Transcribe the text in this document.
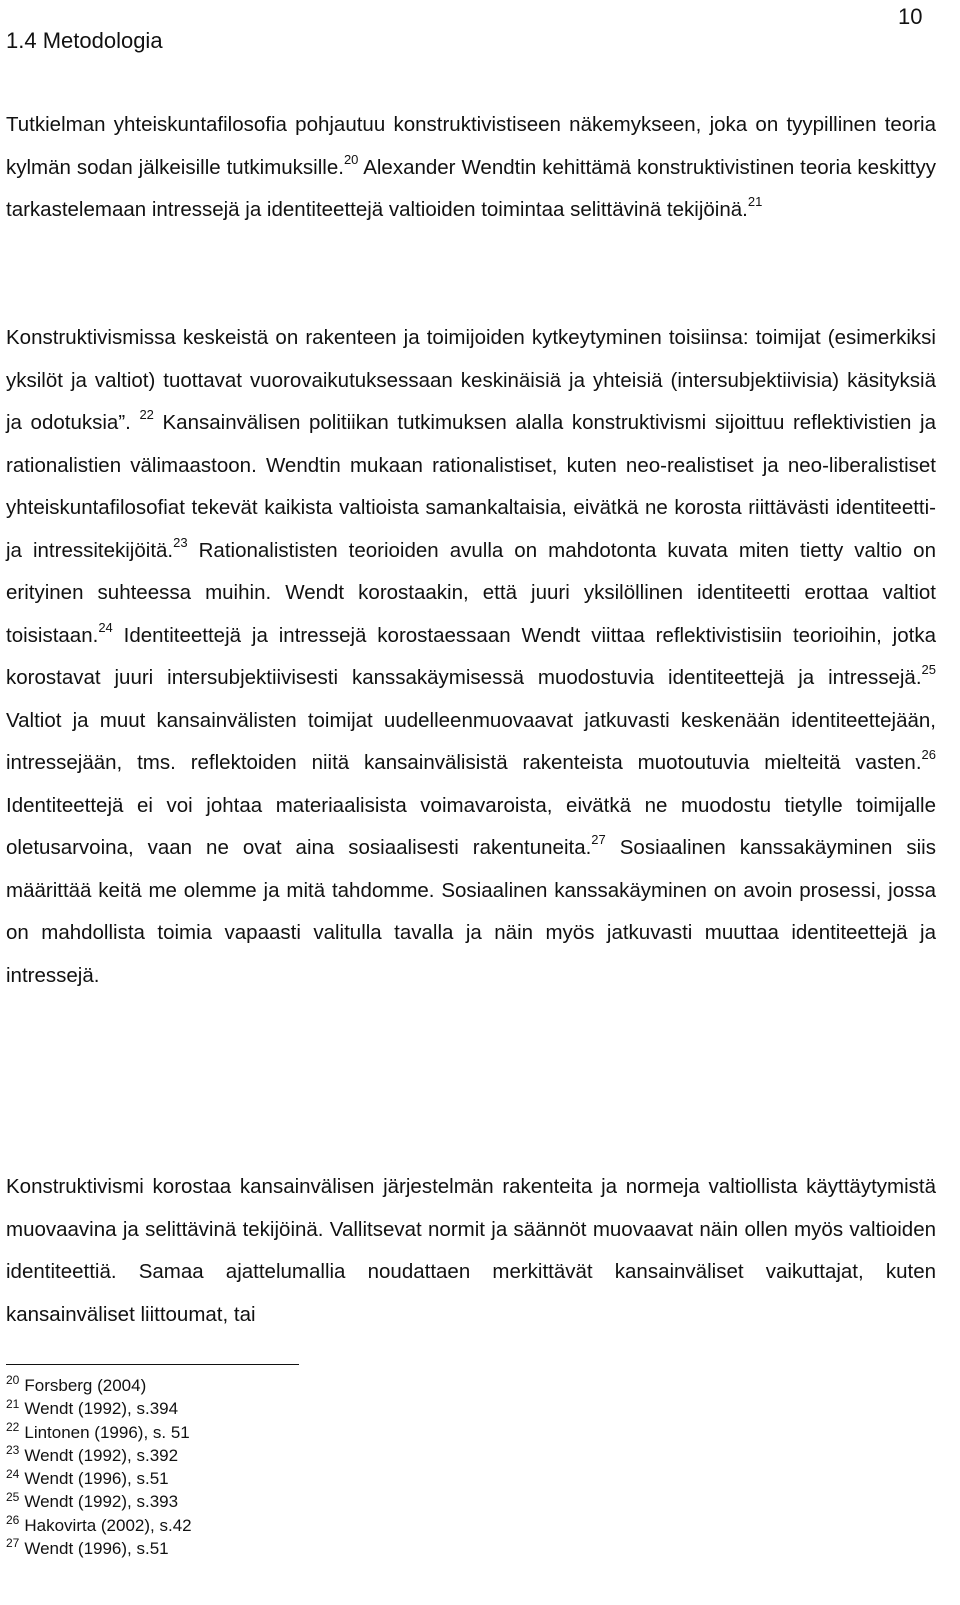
10
1.4 Metodologia

Tutkielman yhteiskuntafilosofia pohjautuu konstruktivistiseen näkemykseen, joka on tyypillinen teoria kylmän sodan jälkeisille tutkimuksille.$^{20}$ Alexander Wendtin kehittämä konstruktivistinen teoria keskittyy tarkastelemaan intressejä ja identiteettejä valtioiden toimintaa selittävinä tekijöinä.$^{21}$

Konstruktivismissa keskeistä on rakenteen ja toimijoiden kytkeytyminen toisiinsa: toimijat (esimerkiksi yksilöt ja valtiot) tuottavat vuorovaikutuksessaan keskinäisiä ja yhteisiä (intersubjektiivisia) käsityksiä ja odotuksia”. $^{22}$ Kansainvälisen politiikan tutkimuksen alalla konstruktivismi sijoittuu reflektivistien ja rationalistien välimaastoon. Wendtin mukaan rationalistiset, kuten neo-realistiset ja neo-liberalistiset yhteiskuntafilosofiat tekevät kaikista valtioista samankaltaisia, eivätkä ne korosta riittävästi identiteetti- ja intressitekijöitä.$^{23}$ Rationalististen teorioiden avulla on mahdotonta kuvata miten tietty valtio on erityinen suhteessa muihin. Wendt korostaakin, että juuri yksilöllinen identiteetti erottaa valtiot toisistaan.$^{24}$ Identiteettejä ja intressejä korostaessaan Wendt viittaa reflektivistisiin teorioihin, jotka korostavat juuri intersubjektiivisesti kanssakäymisessä muodostuvia identiteettejä ja intressejä.$^{25}$ Valtiot ja muut kansainvälisten toimijat uudelleenmuovaavat jatkuvasti keskenään identiteettejään, intressejään, tms. reflektoiden niitä kansainvälisistä rakenteista muotoutuvia mielteitä vasten.$^{26}$ Identiteettejä ei voi johtaa materiaalisista voimavaroista, eivätkä ne muodostu tietylle toimijalle oletusarvoina, vaan ne ovat aina sosiaalisesti rakentuneita.$^{27}$ Sosiaalinen kanssakäyminen siis määrittää keitä me olemme ja mitä tahdomme. Sosiaalinen kanssakäyminen on avoin prosessi, jossa on mahdollista toimia vapaasti valitulla tavalla ja näin myös jatkuvasti muuttaa identiteettejä ja intressejä.

Konstruktivismi korostaa kansainvälisen järjestelmän rakenteita ja normeja valtiollista käyttäytymistä muovaavina ja selittävinä tekijöinä. Vallitsevat normit ja säännöt muovaavat näin ollen myös valtioiden identiteettiä. Samaa ajattelumallia noudattaen merkittävät kansainväliset vaikuttajat, kuten kansainväliset liittoumat, tai

$^{20}$ Forsberg (2004)
$^{21}$ Wendt (1992), s.394
$^{22}$ Lintonen (1996), s. 51
$^{23}$ Wendt (1992), s.392
$^{24}$ Wendt (1996), s.51
$^{25}$ Wendt (1992), s.393
$^{26}$ Hakovirta (2002), s.42
$^{27}$ Wendt (1996), s.51
